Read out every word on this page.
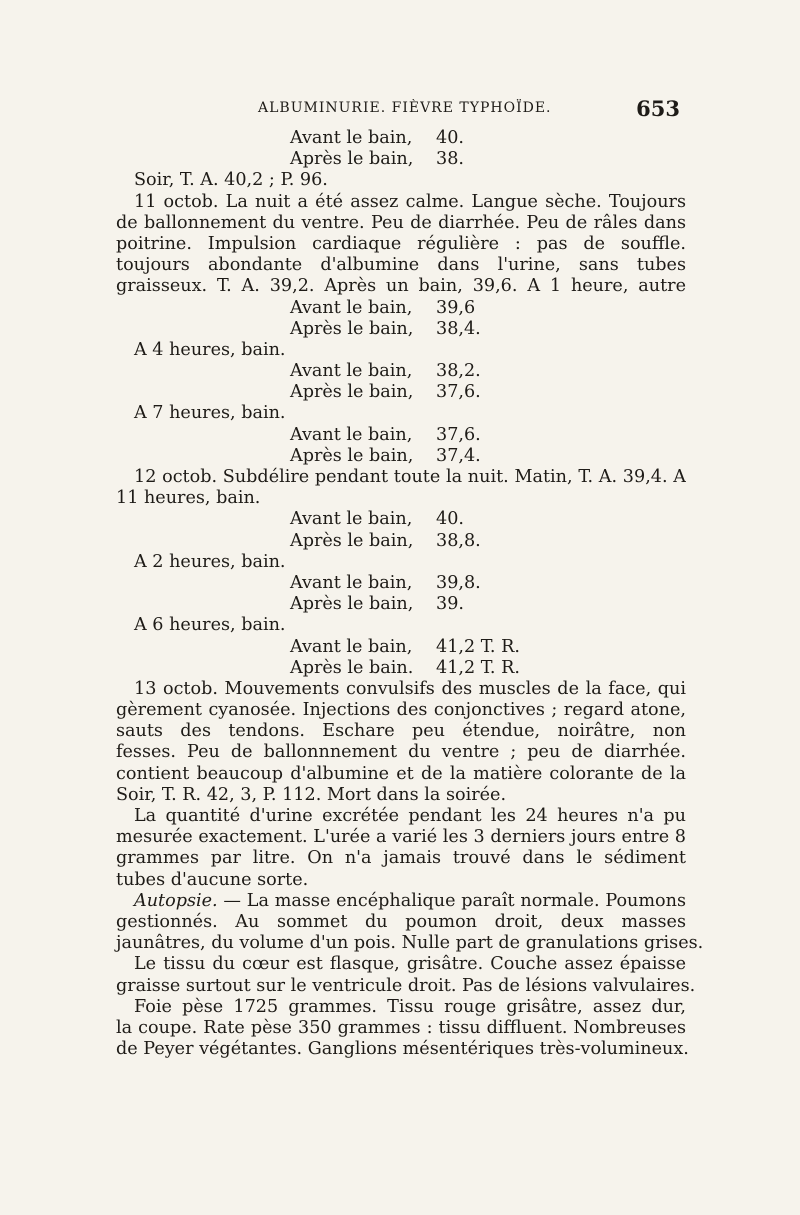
ALBUMINURIE. FIÈVRE TYPHOÏDE.	653
Avant le bain, 40.
Après le bain, 38.
Soir, T. A. 40,2 ; P. 96.
11 octob. La nuit a été assez calme. Langue sèche. Toujours
de ballonnement du ventre. Peu de diarrhée. Peu de râles dans
poitrine. Impulsion cardiaque régulière : pas de souffle.
toujours abondante d'albumine dans l'urine, sans tubes
graisseux. T. A. 39,2. Après un bain, 39,6. A 1 heure, autre
Avant le bain, 39,6
Après le bain, 38,4.
A 4 heures, bain.
Avant le bain, 38,2.
Après le bain, 37,6.
A 7 heures, bain.
Avant le bain, 37,6.
Après le bain, 37,4.
12 octob. Subdélire pendant toute la nuit. Matin, T. A. 39,4. A
11 heures, bain.
Avant le bain, 40.
Après le bain, 38,8.
A 2 heures, bain.
Avant le bain, 39,8.
Après le bain, 39.
A 6 heures, bain.
Avant le bain, 41,2 T. R.
Après le bain. 41,2 T. R.
13 octob. Mouvements convulsifs des muscles de la face, qui
gèrement cyanosée. Injections des conjonctives ; regard atone,
sauts des tendons. Eschare peu étendue, noirâtre, non
fesses. Peu de ballonnnement du ventre ; peu de diarrhée.
contient beaucoup d'albumine et de la matière colorante de la
Soir, T. R. 42, 3, P. 112. Mort dans la soirée.
La quantité d'urine excrétée pendant les 24 heures n'a pu
mesurée exactement. L'urée a varié les 3 derniers jours entre 8
grammes par litre. On n'a jamais trouvé dans le sédiment
tubes d'aucune sorte.
Autopsie. — La masse encéphalique paraît normale. Poumons
gestionnés. Au sommet du poumon droit, deux masses
jaunâtres, du volume d'un pois. Nulle part de granulations grises.
Le tissu du cœur est flasque, grisâtre. Couche assez épaisse
graisse surtout sur le ventricule droit. Pas de lésions valvulaires.
Foie pèse 1725 grammes. Tissu rouge grisâtre, assez dur,
la coupe. Rate pèse 350 grammes : tissu diffluent. Nombreuses
de Peyer végétantes. Ganglions mésentériques très-volumineux.
